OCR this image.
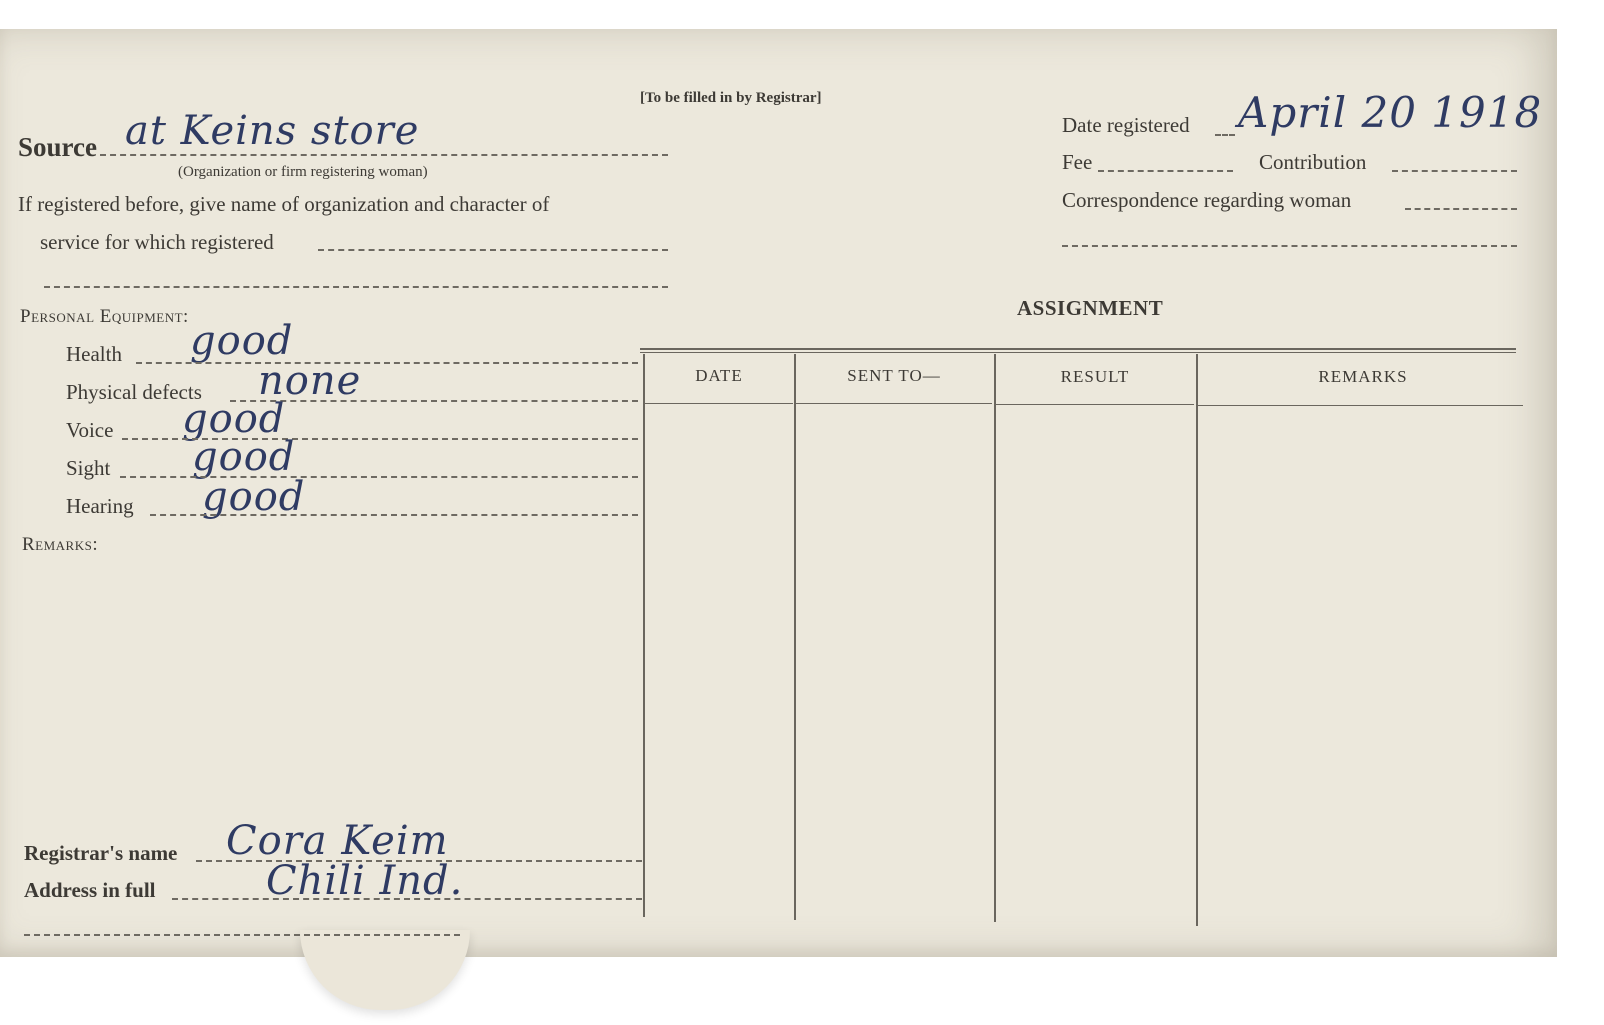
[To be filled in by Registrar]
Source at Keins store
(Organization or firm registering woman)
If registered before, give name of organization and character of
service for which registered
Date registered April 20 1918
Fee	Contribution
Correspondence regarding woman
Personal Equipment:
Health good
Physical defects none
Voice good
Sight good
Hearing good
Remarks:
ASSIGNMENT
DATE	SENT TO—	RESULT	REMARKS
Registrar's name Cora Keim
Address in full	Chili Ind.
